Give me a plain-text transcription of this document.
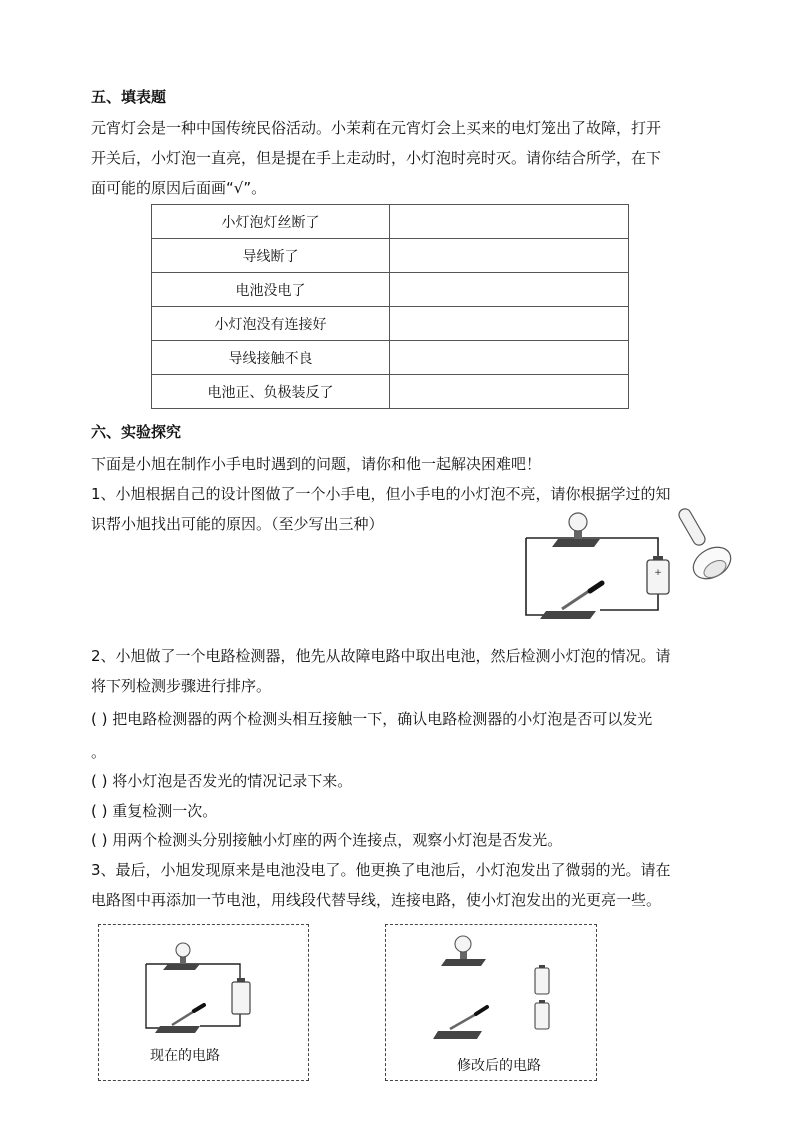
五、填表题
元宵灯会是一种中国传统民俗活动。小茉莉在元宵灯会上买来的电灯笼出了故障，打开
开关后，小灯泡一直亮，但是提在手上走动时，小灯泡时亮时灭。请你结合所学，在下
面可能的原因后面画“√”。
小灯泡灯丝断了	
导线断了	
电池没电了	
小灯泡没有连接好	
导线接触不良	
电池正、负极装反了	
六、实验探究
下面是小旭在制作小手电时遇到的问题，请你和他一起解决困难吧！
1、小旭根据自己的设计图做了一个小手电，但小手电的小灯泡不亮，请你根据学过的知
识帮小旭找出可能的原因。（至少写出三种）
+
2、小旭做了一个电路检测器，他先从故障电路中取出电池，然后检测小灯泡的情况。请
将下列检测步骤进行排序。
( ) 把电路检测器的两个检测头相互接触一下，确认电路检测器的小灯泡是否可以发光
。
( ) 将小灯泡是否发光的情况记录下来。
( ) 重复检测一次。
( ) 用两个检测头分别接触小灯座的两个连接点，观察小灯泡是否发光。
3、最后，小旭发现原来是电池没电了。他更换了电池后，小灯泡发出了微弱的光。请在
电路图中再添加一节电池，用线段代替导线，连接电路，使小灯泡发出的光更亮一些。
现在的电路
修改后的电路
